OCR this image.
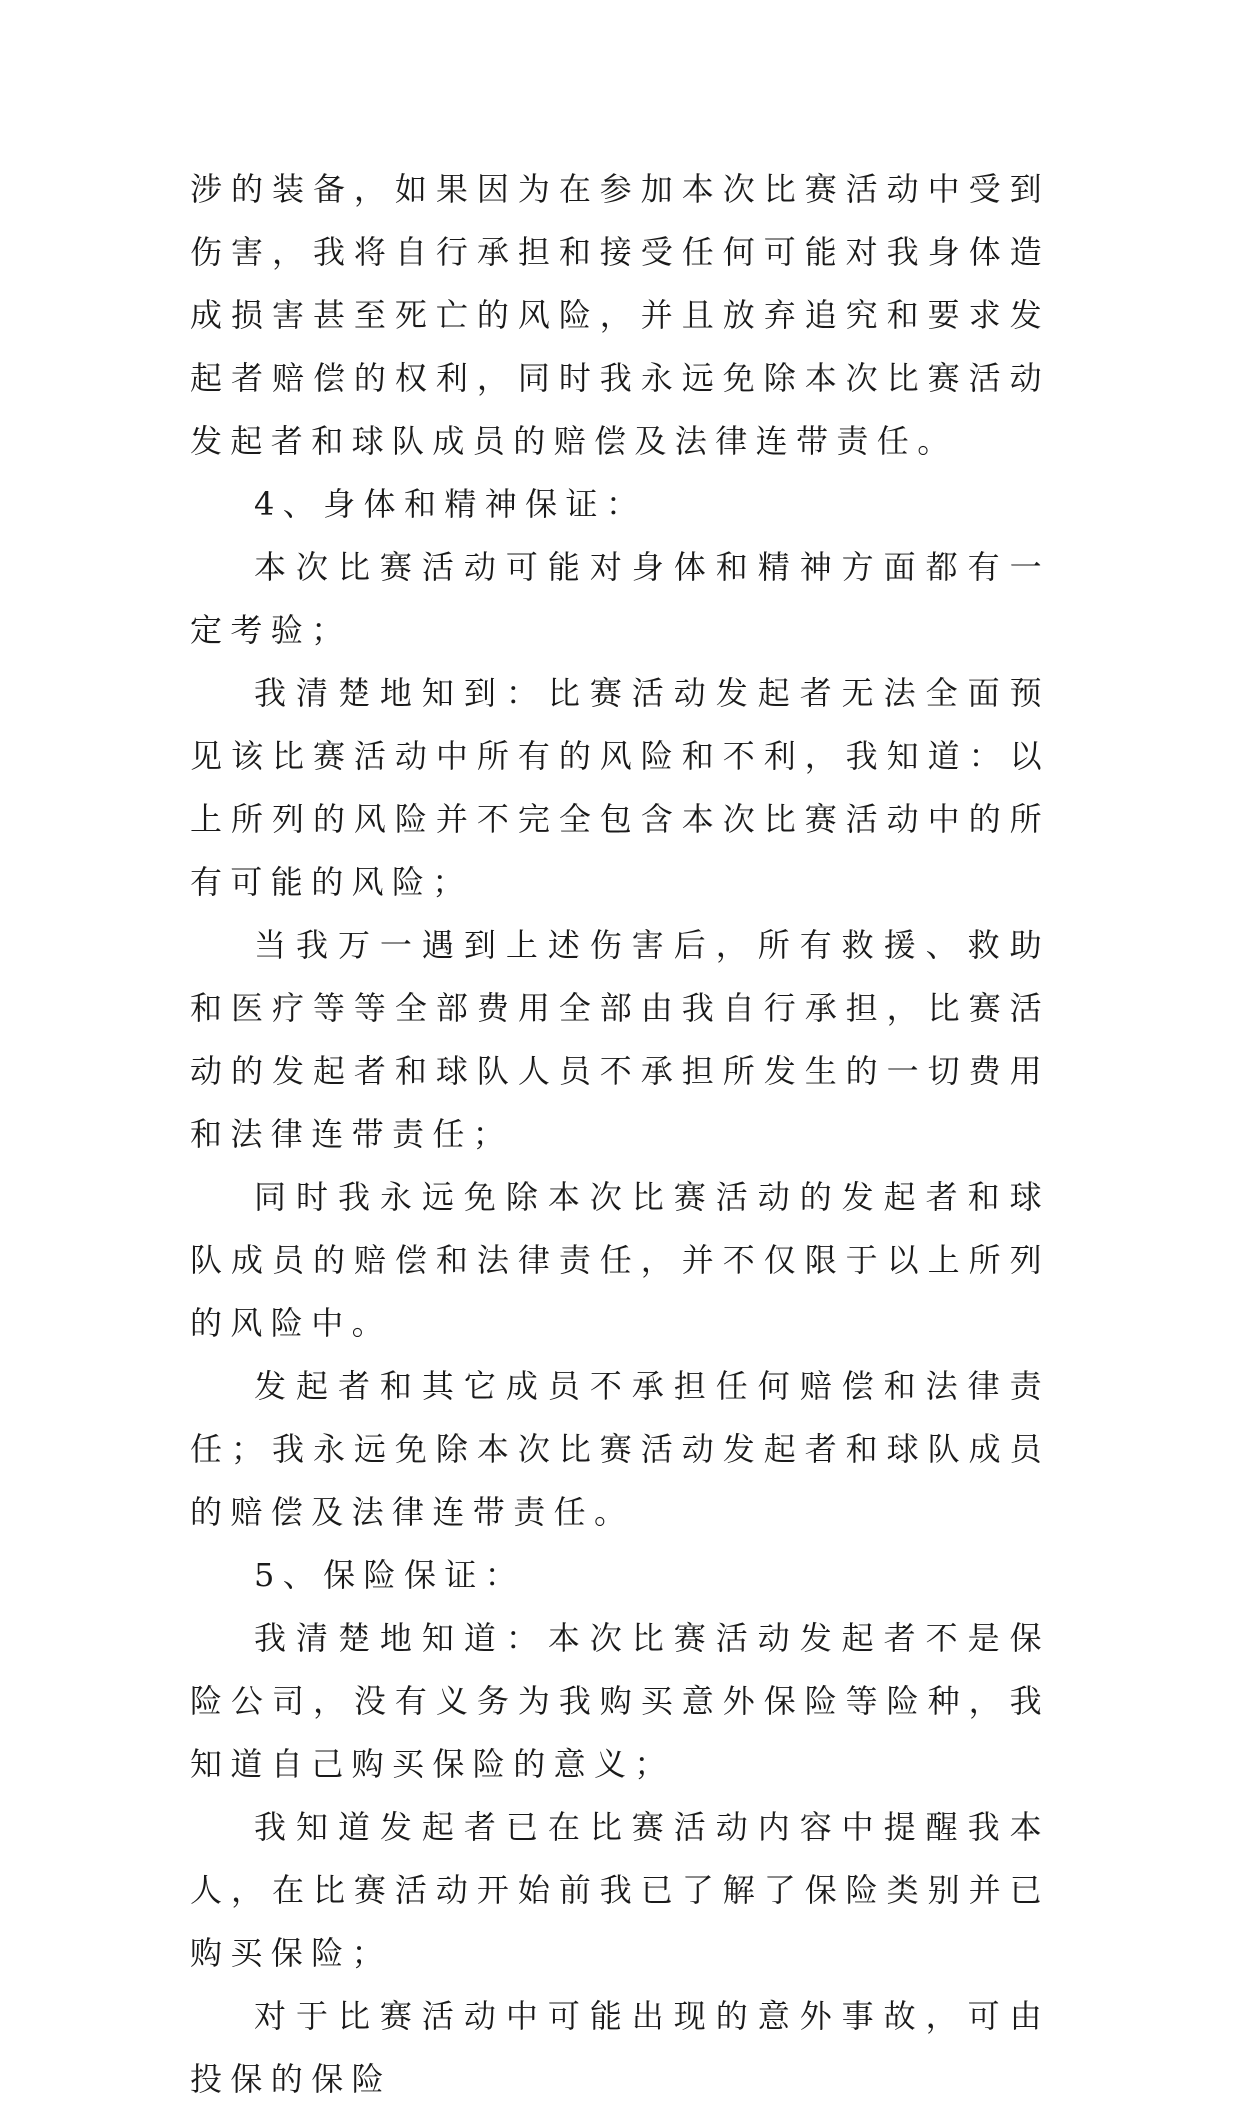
涉的装备，如果因为在参加本次比赛活动中受到伤害，我将自行承担和接受任何可能对我身体造成损害甚至死亡的风险，并且放弃追究和要求发起者赔偿的权利，同时我永远免除本次比赛活动发起者和球队成员的赔偿及法律连带责任。

4、身体和精神保证：

本次比赛活动可能对身体和精神方面都有一定考验；

我清楚地知到：比赛活动发起者无法全面预见该比赛活动中所有的风险和不利，我知道：以上所列的风险并不完全包含本次比赛活动中的所有可能的风险；

当我万一遇到上述伤害后，所有救援、救助和医疗等等全部费用全部由我自行承担，比赛活动的发起者和球队人员不承担所发生的一切费用和法律连带责任；

同时我永远免除本次比赛活动的发起者和球队成员的赔偿和法律责任，并不仅限于以上所列的风险中。

发起者和其它成员不承担任何赔偿和法律责任；我永远免除本次比赛活动发起者和球队成员的赔偿及法律连带责任。

5、保险保证：

我清楚地知道：本次比赛活动发起者不是保险公司，没有义务为我购买意外保险等险种，我知道自己购买保险的意义；

我知道发起者已在比赛活动内容中提醒我本人，在比赛活动开始前我已了解了保险类别并已购买保险；

对于比赛活动中可能出现的意外事故，可由投保的保险
